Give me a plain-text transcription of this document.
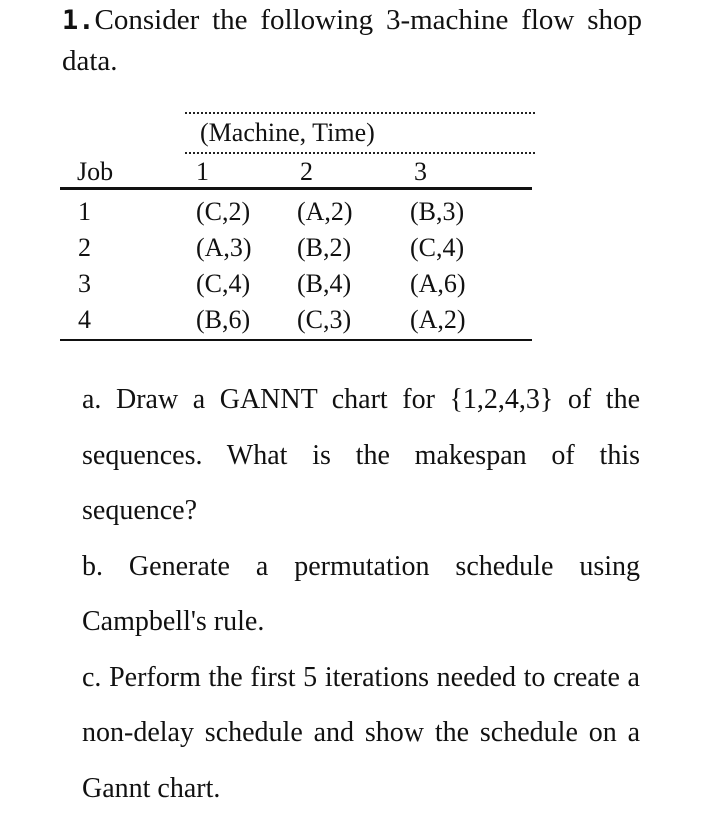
1.Consider the following 3-machine flow shop data.
(Machine, Time)
Job	1	2	3
1	(C,2) (A,2) (B,3)
2	(A,3) (B,2) (C,4)
3	(C,4) (B,4) (A,6)
4	(B,6) (C,3) (A,2)

a. Draw a GANNT chart for {1,2,4,3} of the sequences. What is the makespan of this sequence?

b. Generate a permutation schedule using Campbell's rule.

c. Perform the first 5 iterations needed to create a non-delay schedule and show the schedule on a Gannt chart.
